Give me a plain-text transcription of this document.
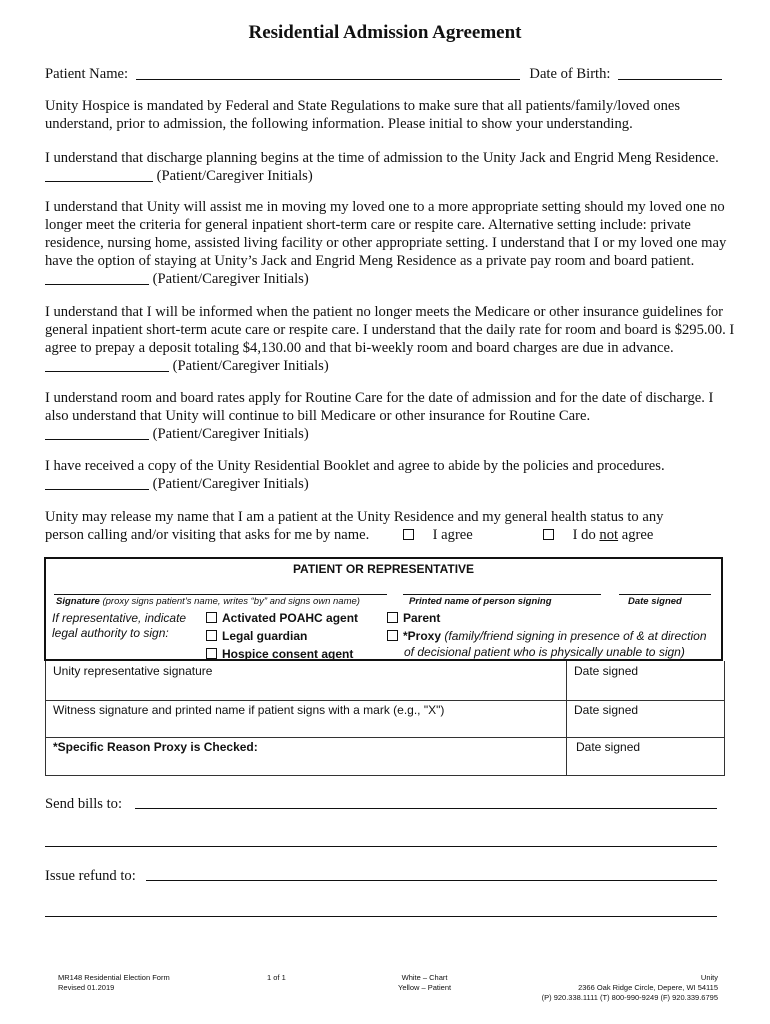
Residential Admission Agreement
Patient Name:	Date of Birth:
Unity Hospice is mandated by Federal and State Regulations to make sure that all patients/family/loved ones understand, prior to admission, the following information. Please initial to show your understanding.
I understand that discharge planning begins at the time of admission to the Unity Jack and Engrid Meng Residence.  (Patient/Caregiver Initials)
I understand that Unity will assist me in moving my loved one to a more appropriate setting should my loved one no longer meet the criteria for general inpatient short-term care or respite care. Alternative setting include: private residence, nursing home, assisted living facility or other appropriate setting. I understand that I or my loved one may have the option of staying at Unity’s Jack and Engrid Meng Residence as a private pay room and board patient.  (Patient/Caregiver Initials)
I understand that I will be informed when the patient no longer meets the Medicare or other insurance guidelines for general inpatient short-term acute care or respite care. I understand that the daily rate for room and board is $295.00. I agree to prepay a deposit totaling $4,130.00 and that bi-weekly room and board charges are due in advance.  (Patient/Caregiver Initials)
I understand room and board rates apply for Routine Care for the date of admission and for the date of discharge. I also understand that Unity will continue to bill Medicare or other insurance for Routine Care.
(Patient/Caregiver Initials)
I have received a copy of the Unity Residential Booklet and agree to abide by the policies and procedures.
(Patient/Caregiver Initials)
Unity may release my name that I am a patient at the Unity Residence and my general health status to any
person calling and/or visiting that asks for me by name.	I agree	I do not agree
PATIENT OR REPRESENTATIVE
Signature (proxy signs patient’s name, writes “by” and signs own name)	Printed name of person signing	Date signed
If representative, indicate
legal authority to sign:
Activated POAHC agent
Legal guardian
Hospice consent agent
Parent
*Proxy (family/friend signing in presence of & at direction
of decisional patient who is physically unable to sign)
Unity representative signature	Date signed
Witness signature and printed name if patient signs with a mark (e.g., "X")	Date signed
*Specific Reason Proxy is Checked:	Date signed
Send bills to:
Issue refund to:
MR148 Residential Election Form
Revised 01.2019
1 of 1	White – Chart
Yellow – Patient
Unity
2366 Oak Ridge Circle, Depere, WI 54115
(P) 920.338.1111 (T) 800-990-9249 (F) 920.339.6795
